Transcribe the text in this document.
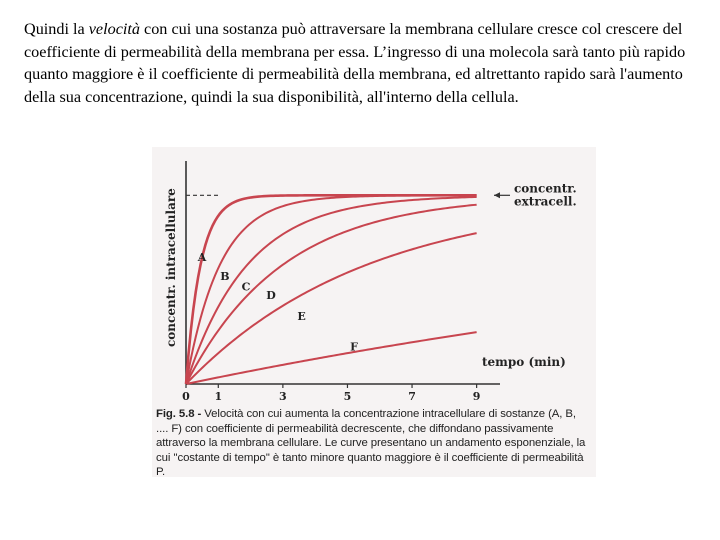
Quindi la velocità con cui una sostanza può attraversare la membrana cellulare cresce col crescere del coefficiente di permeabilità della membrana per essa. L’ingresso di una molecola sarà tanto più rapido quanto maggiore è il coefficiente di permeabilità della membrana, ed altrettanto rapido sarà l'aumento della sua concentrazione, quindi la sua disponibilità, all'interno della cellula.

A
B
C
D
E
F
0 1	3	5	7	9
tempo (min)
concentr. intracellulare	concentr.
extracell.

Fig. 5.8 - Velocità con cui aumenta la concentrazione intracellulare di sostanze (A, B, .... F) con coefficiente di permeabilità decrescente, che diffondano passivamente attraverso la membrana cellulare. Le curve presentano un andamento esponenziale, la cui ''costante di tempo'' è tanto minore quanto maggiore è il coefficiente di permeabilità P.
